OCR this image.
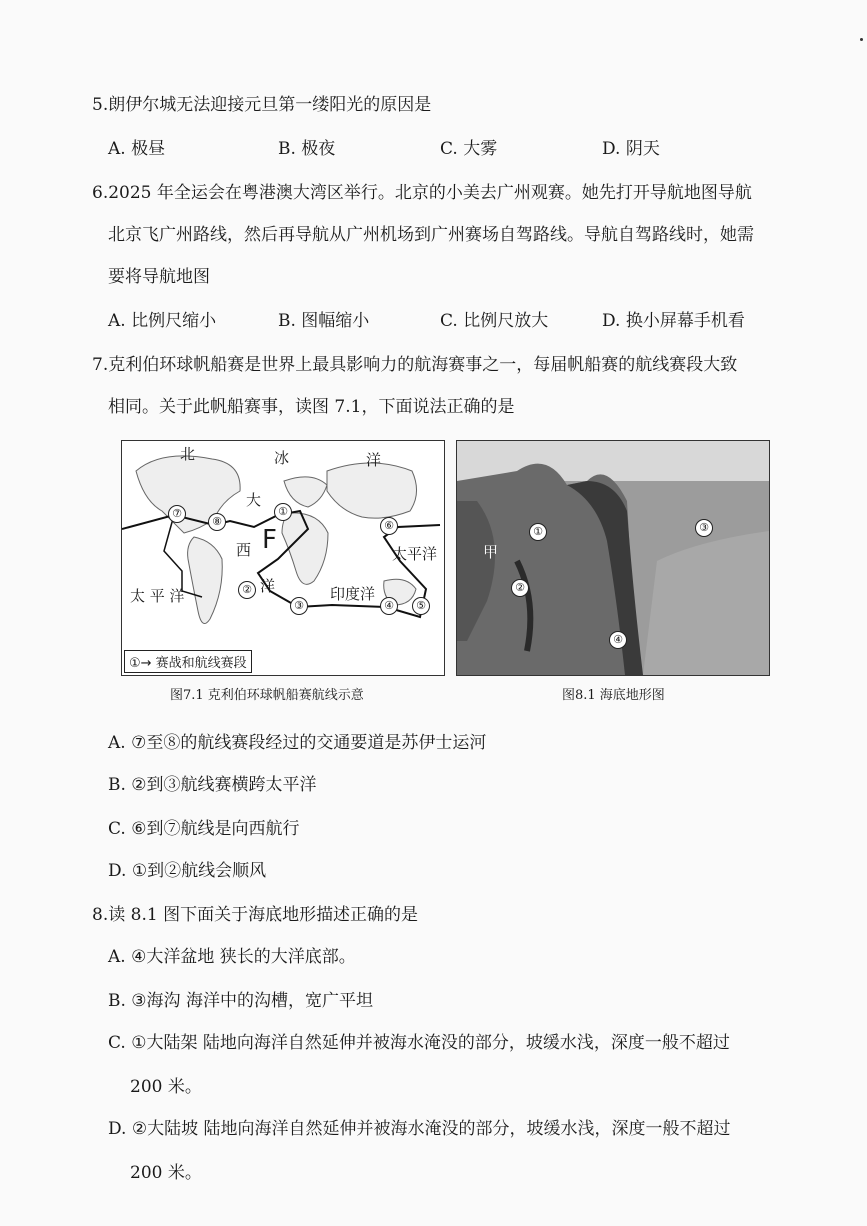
5.朗伊尔城无法迎接元旦第一缕阳光的原因是
A. 极昼	B. 极夜	C. 大雾	D. 阴天
6.2025 年全运会在粤港澳大湾区举行。北京的小美去广州观赛。她先打开导航地图导航
北京飞广州路线，然后再导航从广州机场到广州赛场自驾路线。导航自驾路线时，她需
要将导航地图
A. 比例尺缩小	B. 图幅缩小	C. 比例尺放大	D. 换小屏幕手机看
7.克利伯环球帆船赛是世界上最具影响力的航海赛事之一，每届帆船赛的航线赛段大致
相同。关于此帆船赛事，读图 7.1，下面说法正确的是
北	冰	洋
大
西 F
洋
太 平 洋
太平洋
印度洋
①
②
③	④	⑤
⑥
⑦
⑧
①→ 赛战和航线赛段
图7.1 克利伯环球帆船赛航线示意
①
甲
②
③
④
图8.1 海底地形图
A. ⑦至⑧的航线赛段经过的交通要道是苏伊士运河
B. ②到③航线赛横跨太平洋
C. ⑥到⑦航线是向西航行
D. ①到②航线会顺风
8.读 8.1 图下面关于海底地形描述正确的是
A. ④大洋盆地 狭长的大洋底部。
B. ③海沟 海洋中的沟槽，宽广平坦
C. ①大陆架 陆地向海洋自然延伸并被海水淹没的部分，坡缓水浅，深度一般不超过
200 米。
D. ②大陆坡 陆地向海洋自然延伸并被海水淹没的部分，坡缓水浅，深度一般不超过
200 米。
